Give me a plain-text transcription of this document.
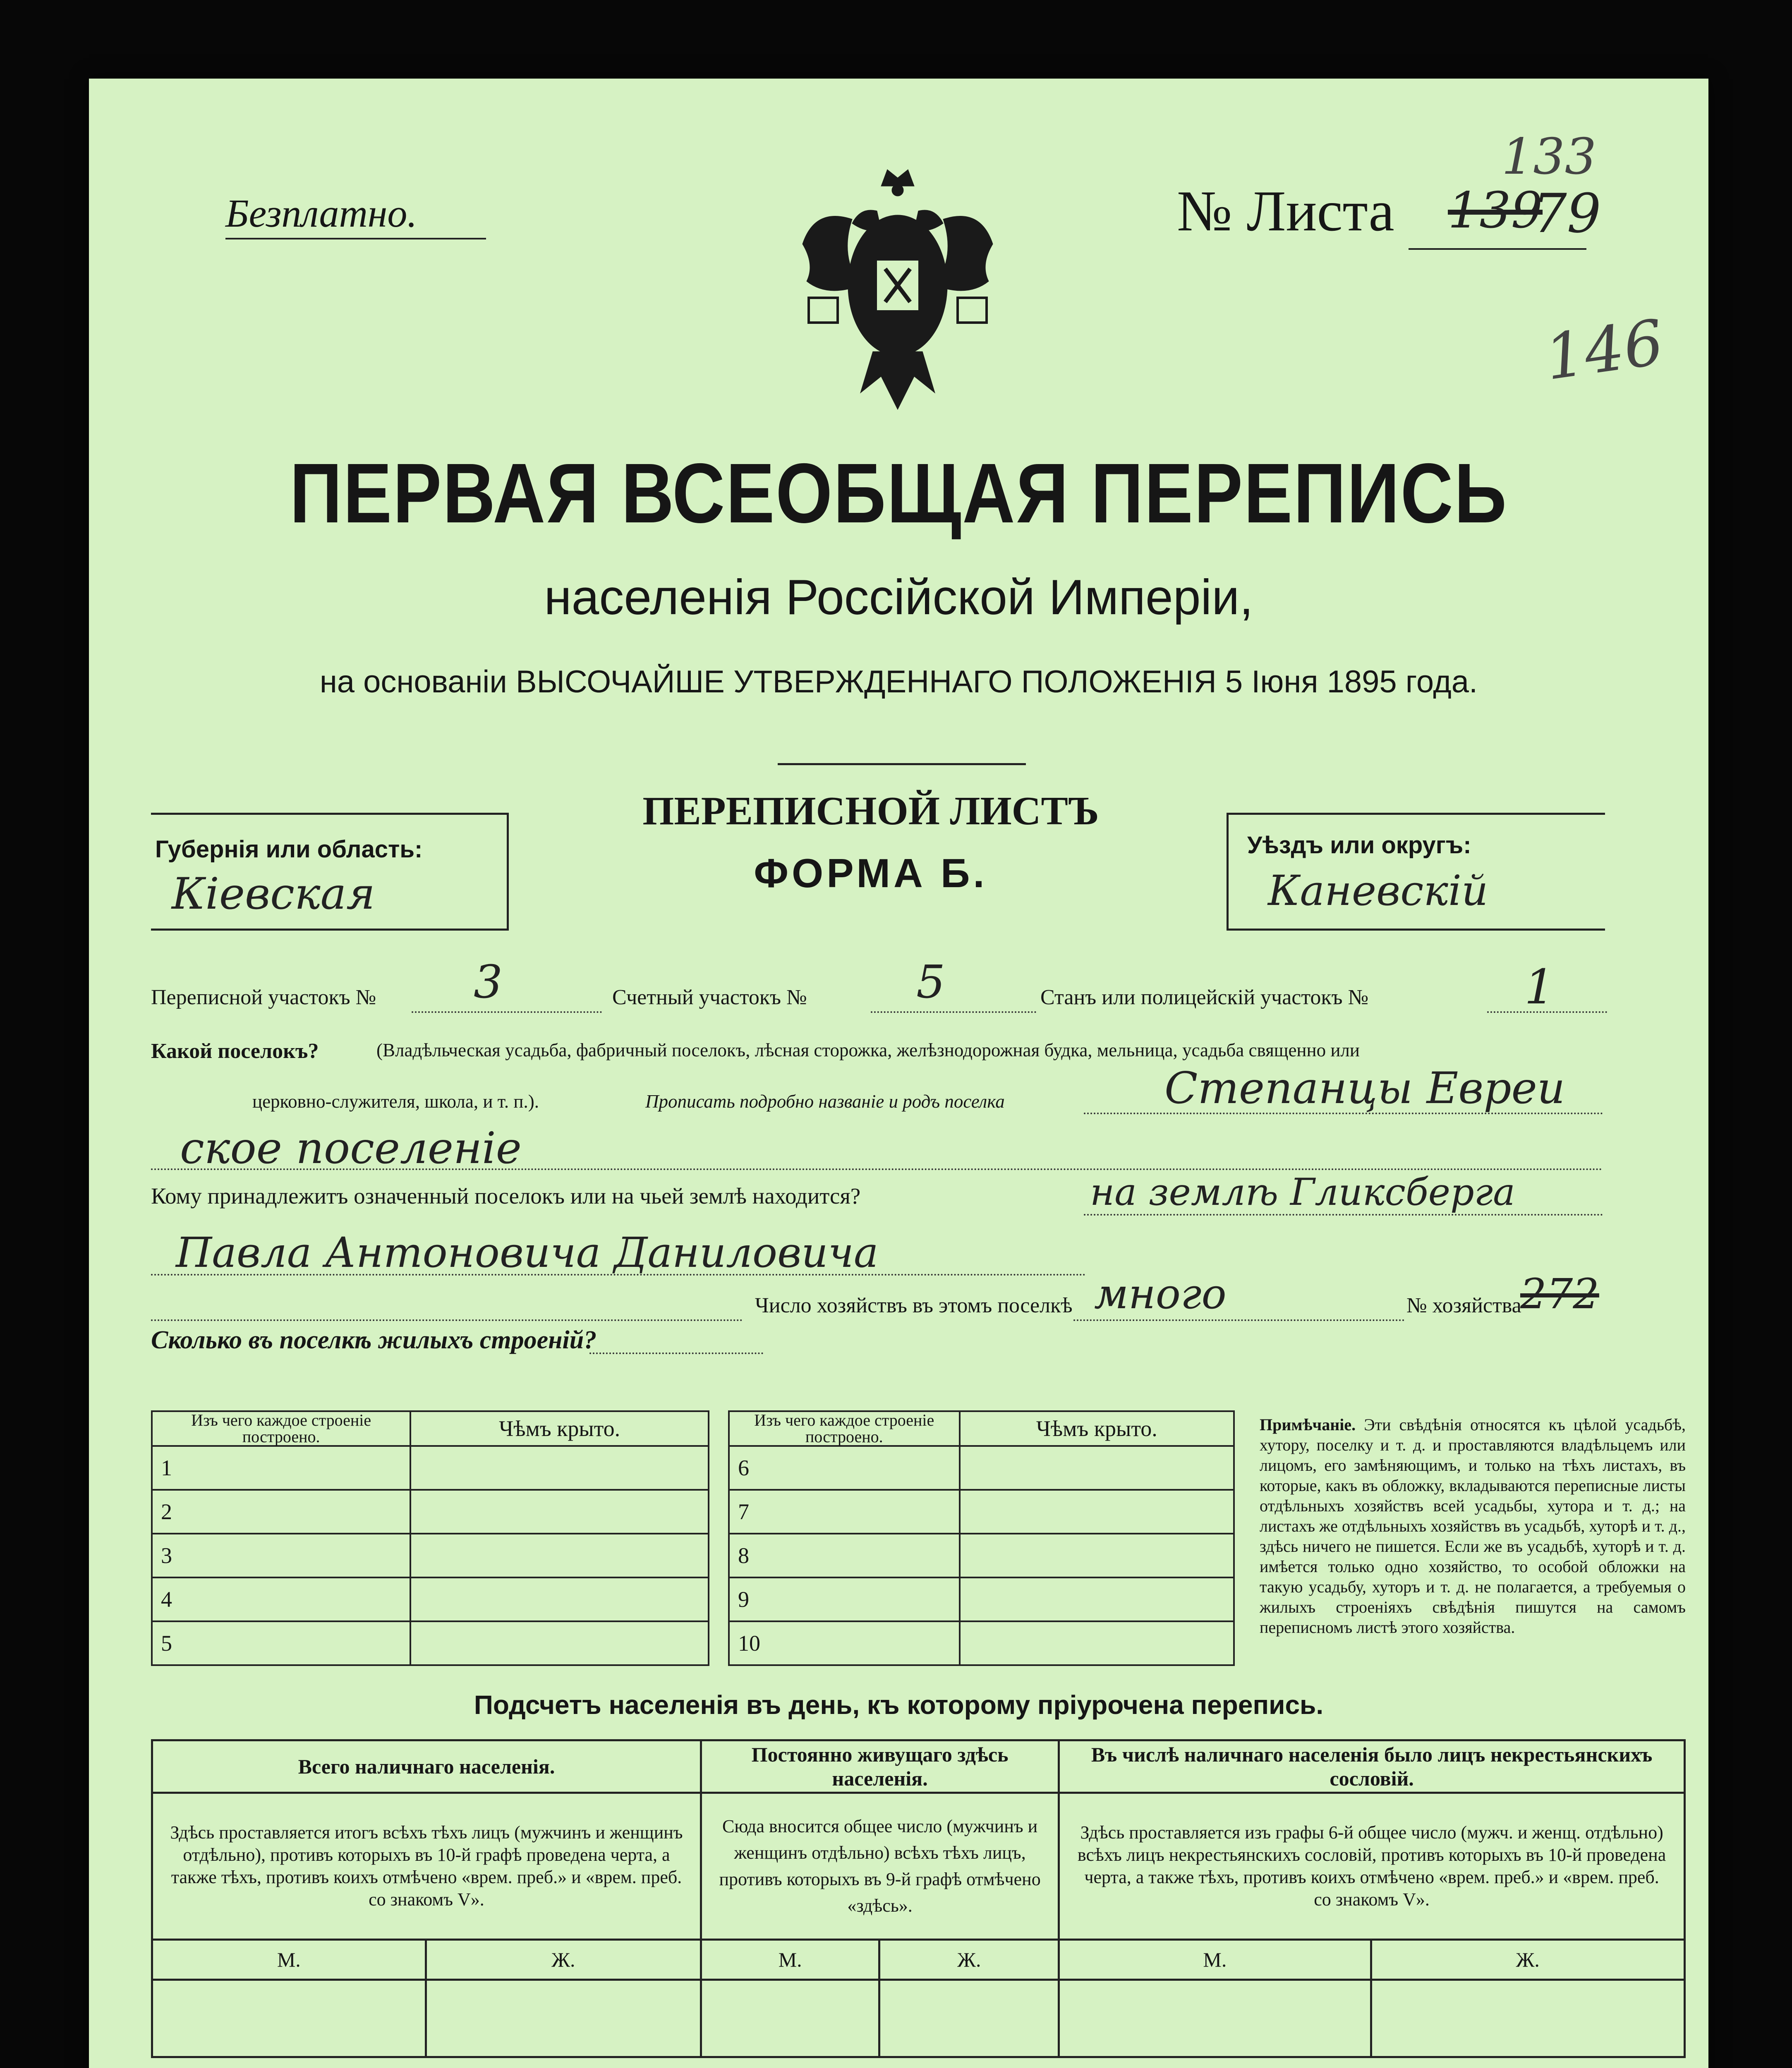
Безплатно.	№ Листа 139
79
133
146
ПЕРВАЯ ВСЕОБЩАЯ ПЕРЕПИСЬ
населенія Россійской Имперіи,
на основаніи ВЫСОЧАЙШЕ УТВЕРЖДЕННАГО ПОЛОЖЕНІЯ 5 Іюня 1895 года.
Губернія или область:
Кіевская
ПЕРЕПИСНОЙ ЛИСТЪ
ФОРМА Б.
Уѣздъ или округъ:
Каневскій
Переписной участокъ № 3	Счетный участокъ № 5	Станъ или полицейскій участокъ №	1
Какой поселокъ?	(Владѣльческая усадьба, фабричный поселокъ, лѣсная сторожка, желѣзнодорожная будка, мельница, усадьба священно или
церковно-служителя, школа, и т. п.).	Прописать подробно названіе и родъ поселка	Степанцы Евреи
ское поселеніе
Кому принадлежитъ означенный поселокъ или на чьей землѣ находится?	на землѣ Гликсберга
Павла Антоновича Даниловича
Число хозяйствъ въ этомъ поселкѣ много	№ хозяйства
272
Сколько въ поселкѣ жилыхъ строеній?
Изъ чего каждое строеніе построено.	Чѣмъ крыто.
1	
2	
3	
4	
5	
Изъ чего каждое строеніе построено.	Чѣмъ крыто.
6	
7	
8	
9	
10	
Примѣчаніе. Эти свѣдѣнія относятся къ цѣлой усадьбѣ, хутору, поселку и т. д. и проставляются владѣльцемъ или лицомъ, его замѣняющимъ, и только на тѣхъ листахъ, въ которые, какъ въ обложку, вкладываются переписные листы отдѣльныхъ хозяйствъ всей усадьбы, хутора и т. д.; на листахъ же отдѣльныхъ хозяйствъ въ усадьбѣ, хуторѣ и т. д., здѣсь ничего не пишется. Если же въ усадьбѣ, хуторѣ и т. д. имѣется только одно хозяйство, то особой обложки на такую усадьбу, хуторъ и т. д. не полагается, а требуемыя о жилыхъ строеніяхъ свѣдѣнія пишутся на самомъ переписномъ листѣ этого хозяйства.
Подсчетъ населенія въ день, къ которому пріурочена перепись.
Всего наличнаго населенія.		Постоянно живущаго здѣсь населенія.		Въ числѣ наличнаго населенія было лицъ некрестьянскихъ сословій.	
Здѣсь проставляется итогъ всѣхъ тѣхъ лицъ (мужчинъ и женщинъ отдѣльно), противъ которыхъ въ 10-й графѣ проведена черта, а также тѣхъ, противъ коихъ отмѣчено «врем. преб.» и «врем. преб. со знакомъ V».		Сюда вносится общее число (мужчинъ и женщинъ отдѣльно) всѣхъ тѣхъ лицъ, противъ которыхъ въ 9-й графѣ отмѣчено «здѣсь».		Здѣсь проставляется изъ графы 6-й общее число (мужч. и женщ. отдѣльно) всѣхъ лицъ некрестьянскихъ сословій, противъ которыхъ въ 10-й проведена черта, а также тѣхъ, противъ коихъ отмѣчено «врем. преб.» и «врем. преб. со знакомъ V».	
М.	Ж.	М.	Ж.	М.	Ж.
